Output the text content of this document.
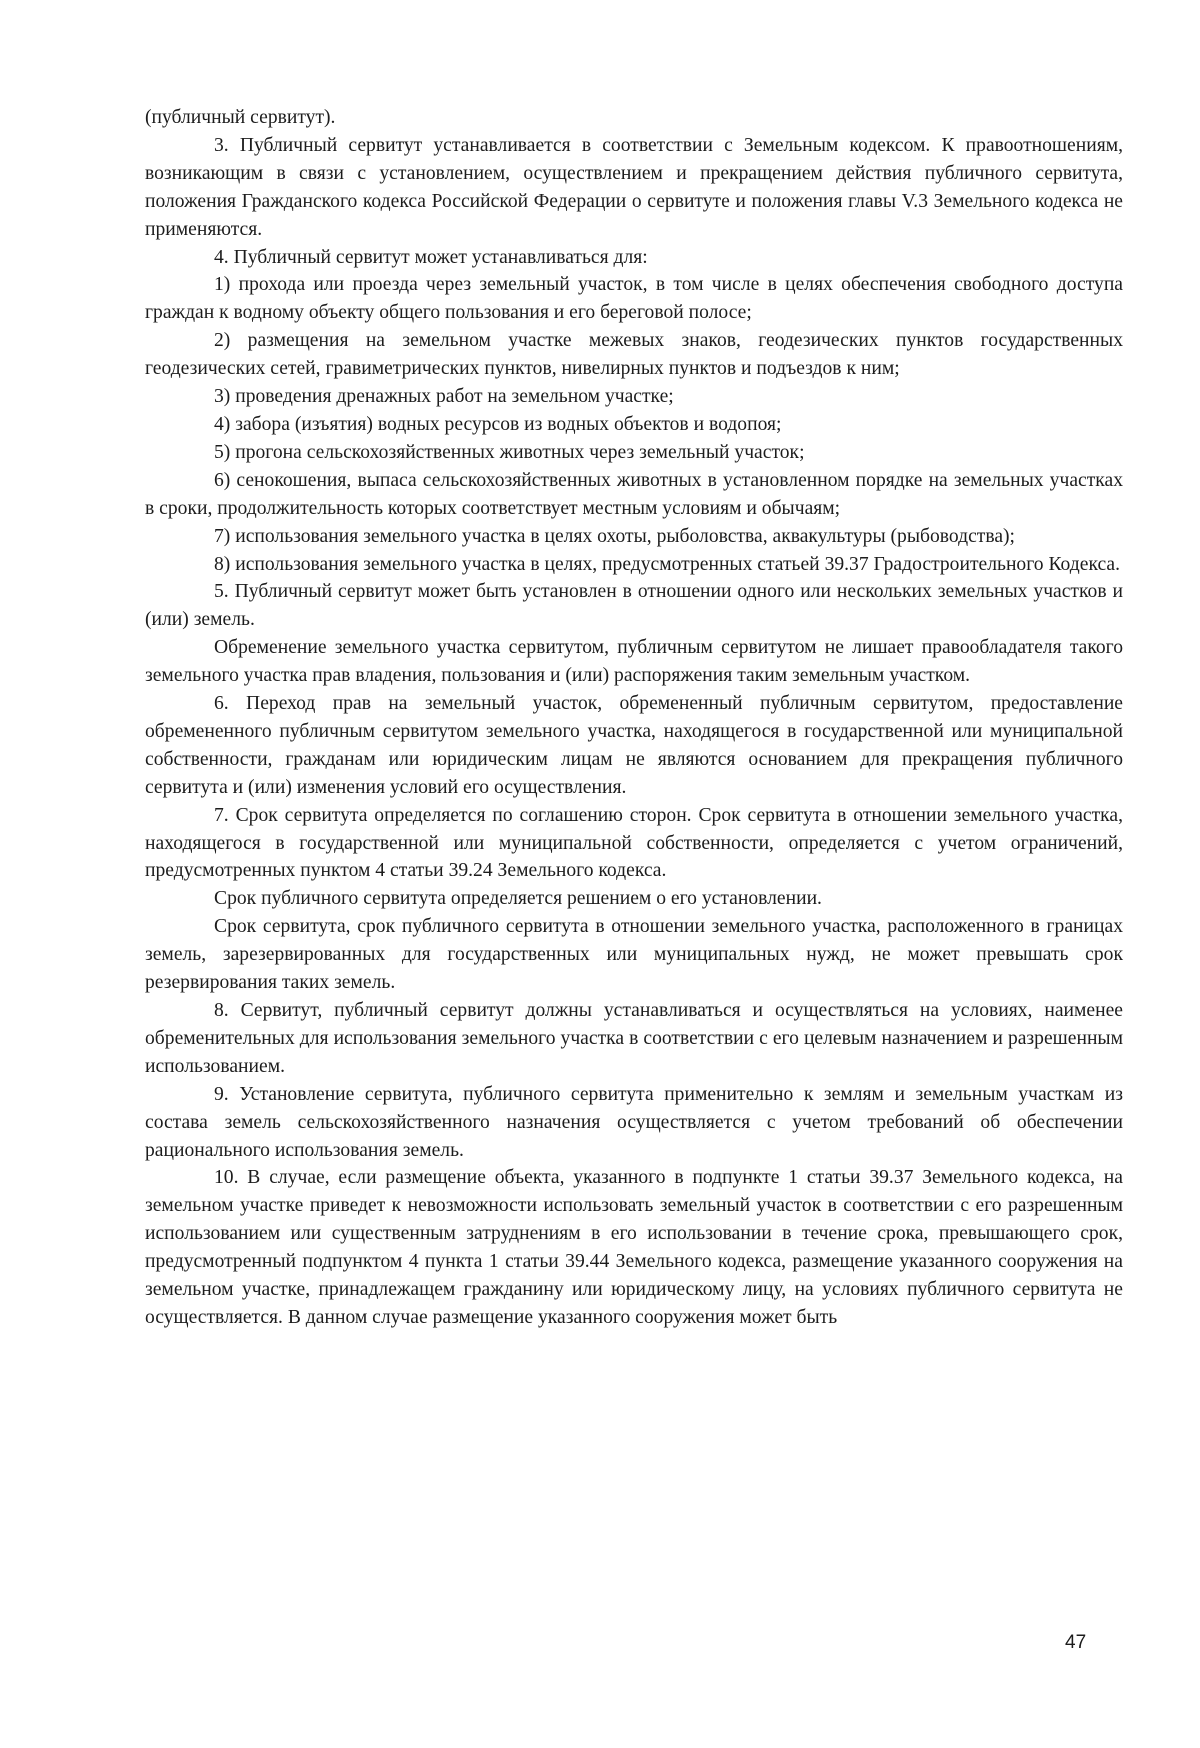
(публичный сервитут).

3. Публичный сервитут устанавливается в соответствии с Земельным кодексом. К правоотношениям, возникающим в связи с установлением, осуществлением и прекращением действия публичного сервитута, положения Гражданского кодекса Российской Федерации о сервитуте и положения главы V.3 Земельного кодекса не применяются.

4. Публичный сервитут может устанавливаться для:

1) прохода или проезда через земельный участок, в том числе в целях обеспечения свободного доступа граждан к водному объекту общего пользования и его береговой полосе;

2) размещения на земельном участке межевых знаков, геодезических пунктов государственных геодезических сетей, гравиметрических пунктов, нивелирных пунктов и подъездов к ним;

3) проведения дренажных работ на земельном участке;

4) забора (изъятия) водных ресурсов из водных объектов и водопоя;

5) прогона сельскохозяйственных животных через земельный участок;

6) сенокошения, выпаса сельскохозяйственных животных в установленном порядке на земельных участках в сроки, продолжительность которых соответствует местным условиям и обычаям;

7) использования земельного участка в целях охоты, рыболовства, аквакультуры (рыбоводства);

8) использования земельного участка в целях, предусмотренных статьей 39.37 Градостроительного Кодекса.

5. Публичный сервитут может быть установлен в отношении одного или нескольких земельных участков и (или) земель.

Обременение земельного участка сервитутом, публичным сервитутом не лишает правообладателя такого земельного участка прав владения, пользования и (или) распоряжения таким земельным участком.

6. Переход прав на земельный участок, обремененный публичным сервитутом, предоставление обремененного публичным сервитутом земельного участка, находящегося в государственной или муниципальной собственности, гражданам или юридическим лицам не являются основанием для прекращения публичного сервитута и (или) изменения условий его осуществления.

7. Срок сервитута определяется по соглашению сторон. Срок сервитута в отношении земельного участка, находящегося в государственной или муниципальной собственности, определяется с учетом ограничений, предусмотренных пунктом 4 статьи 39.24 Земельного кодекса.

Срок публичного сервитута определяется решением о его установлении.

Срок сервитута, срок публичного сервитута в отношении земельного участка, расположенного в границах земель, зарезервированных для государственных или муниципальных нужд, не может превышать срок резервирования таких земель.

8. Сервитут, публичный сервитут должны устанавливаться и осуществляться на условиях, наименее обременительных для использования земельного участка в соответствии с его целевым назначением и разрешенным использованием.

9. Установление сервитута, публичного сервитута применительно к землям и земельным участкам из состава земель сельскохозяйственного назначения осуществляется с учетом требований об обеспечении рационального использования земель.

10. В случае, если размещение объекта, указанного в подпункте 1 статьи 39.37 Земельного кодекса, на земельном участке приведет к невозможности использовать земельный участок в соответствии с его разрешенным использованием или существенным затруднениям в его использовании в течение срока, превышающего срок, предусмотренный подпунктом 4 пункта 1 статьи 39.44 Земельного кодекса, размещение указанного сооружения на земельном участке, принадлежащем гражданину или юридическому лицу, на условиях публичного сервитута не осуществляется. В данном случае размещение указанного сооружения может быть

47
